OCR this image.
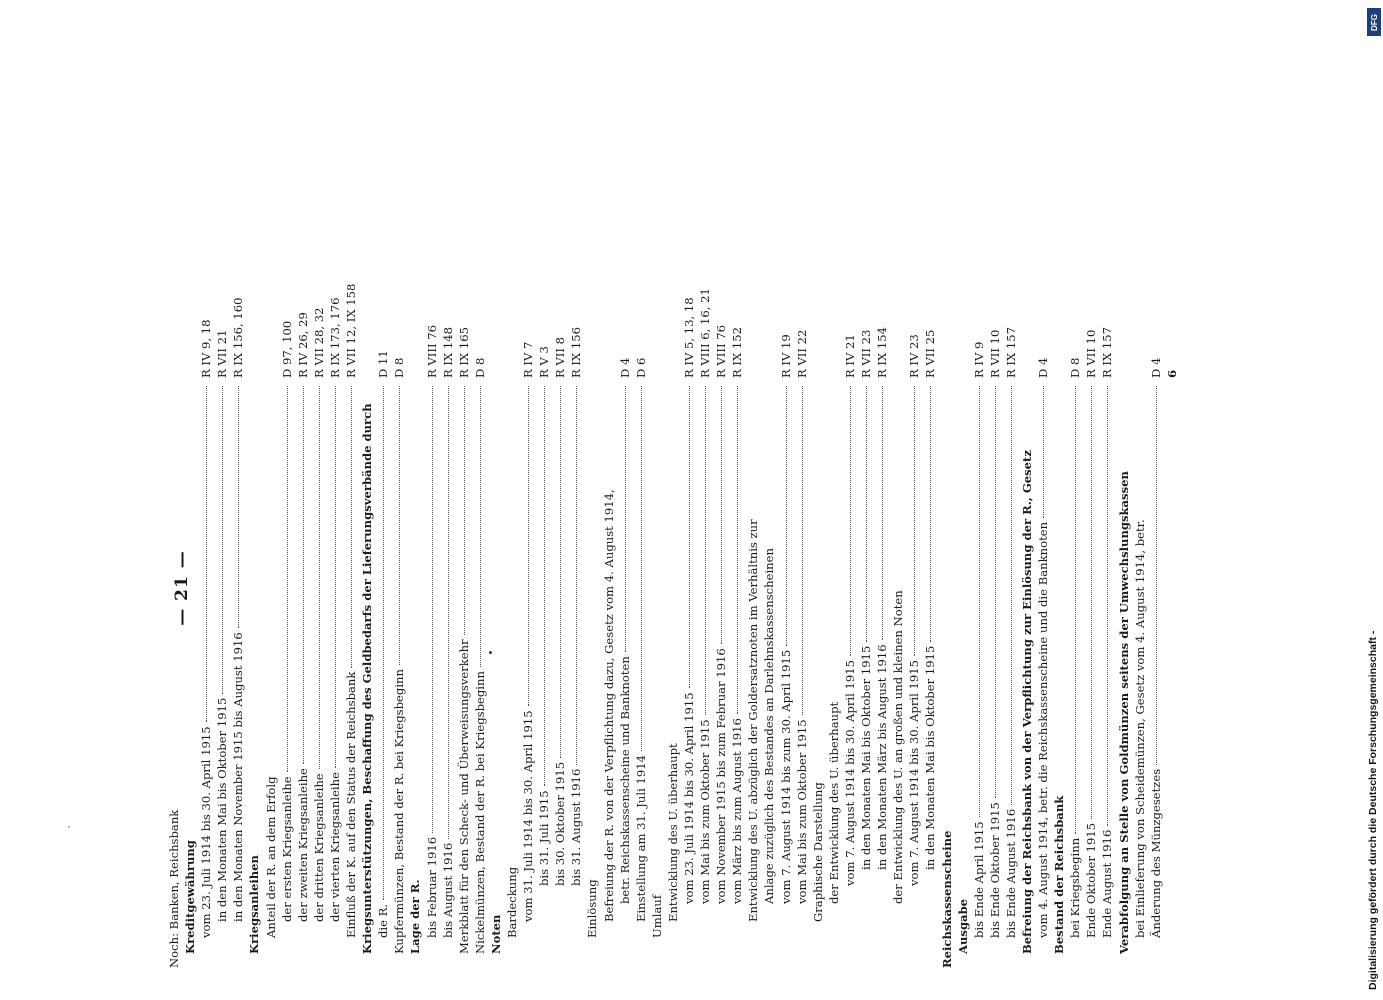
— 21 —
Noch: Banken, Reichsbank Kreditgewährung vom 23. Juli 1914 bis 30. April 1915
R IV 9, 18
in den Monaten Mai bis Oktober 1915
R VII 21
in den Monaten November 1915 bis August 1916
R IX 156, 160
Kriegsanleihen Anteil der R. an dem Erfolg der ersten Kriegsanleihe
D 97, 100
der zweiten Kriegsanleihe
R IV 26, 29
der dritten Kriegsanleihe
R VII 28, 32
der vierten Kriegsanleihe
R IX 173, 176
Einfluß der K. auf den Status der Reichsbank
R VII 12, IX 158
Kriegsunterstützungen, Beschaffung des Geldbedarfs der Lieferungsverbände durch die R.
D 11
Kupfermünzen, Bestand der R. bei Kriegsbeginn
D 8
Lage der R. bis Februar 1916
R VIII 76
bis August 1916
R IX 148
Merkblatt für den Scheck- und Überweisungsverkehr
R IX 165
Nickelmünzen, Bestand der R. bei Kriegsbeginn
D 8
Noten Bardeckung vom 31. Juli 1914 bis 30. April 1915
R IV 7
bis 31. Juli 1915
R V 3
bis 30. Oktober 1915
R VII 8
bis 31. August 1916
R IX 156
Einlösung Befreiung der R. von der Verpflichtung dazu, Gesetz vom 4. August 1914, betr. Reichskassenscheine und Banknoten
D 4
Einstellung am 31. Juli 1914
D 6
Umlauf Entwicklung des U. überhaupt vom 23. Juli 1914 bis 30. April 1915
R IV 5, 13, 18
vom Mai bis zum Oktober 1915
R VIII 6, 16, 21
vom November 1915 bis zum Februar 1916
R VIII 76
vom März bis zum August 1916
R IX 152
Entwicklung des U. abzüglich der Goldersatznoten im Verhältnis zur Anlage zuzüglich des Bestandes an Darlehnskassenscheinen vom 7. August 1914 bis zum 30. April 1915
R IV 19
vom Mai bis zum Oktober 1915
R VII 22
Graphische Darstellung der Entwicklung des U. überhaupt vom 7. August 1914 bis 30. April 1915
R IV 21
in den Monaten Mai bis Oktober 1915
R VII 23
in den Monaten März bis August 1916
R IX 154
der Entwicklung des U. an großen und kleinen Noten vom 7. August 1914 bis 30. April 1915
R IV 23
in den Monaten Mai bis Oktober 1915
R VII 25
Reichskassenscheine Ausgabe bis Ende April 1915
R IV 9
bis Ende Oktober 1915
R VII 10
bis Ende August 1916
R IX 157
Befreiung der Reichsbank von der Verpflichtung zur Einlösung der R., Gesetz vom 4. August 1914, betr. die Reichskassenscheine und die Banknoten
D 4
Bestand der Reichsbank bei Kriegsbeginn
D 8
Ende Oktober 1915
R VII 10
Ende August 1916
R IX 157
Verabfolgung an Stelle von Goldmünzen seitens der Umwechslungskassen bei Einlieferung von Scheidemünzen, Gesetz vom 4. August 1914, betr. Änderung des Münzgesetzes
D 4 6
Digitalisierung gefördert durch die Deutsche Forschungsgemeinschaft -
DFG
